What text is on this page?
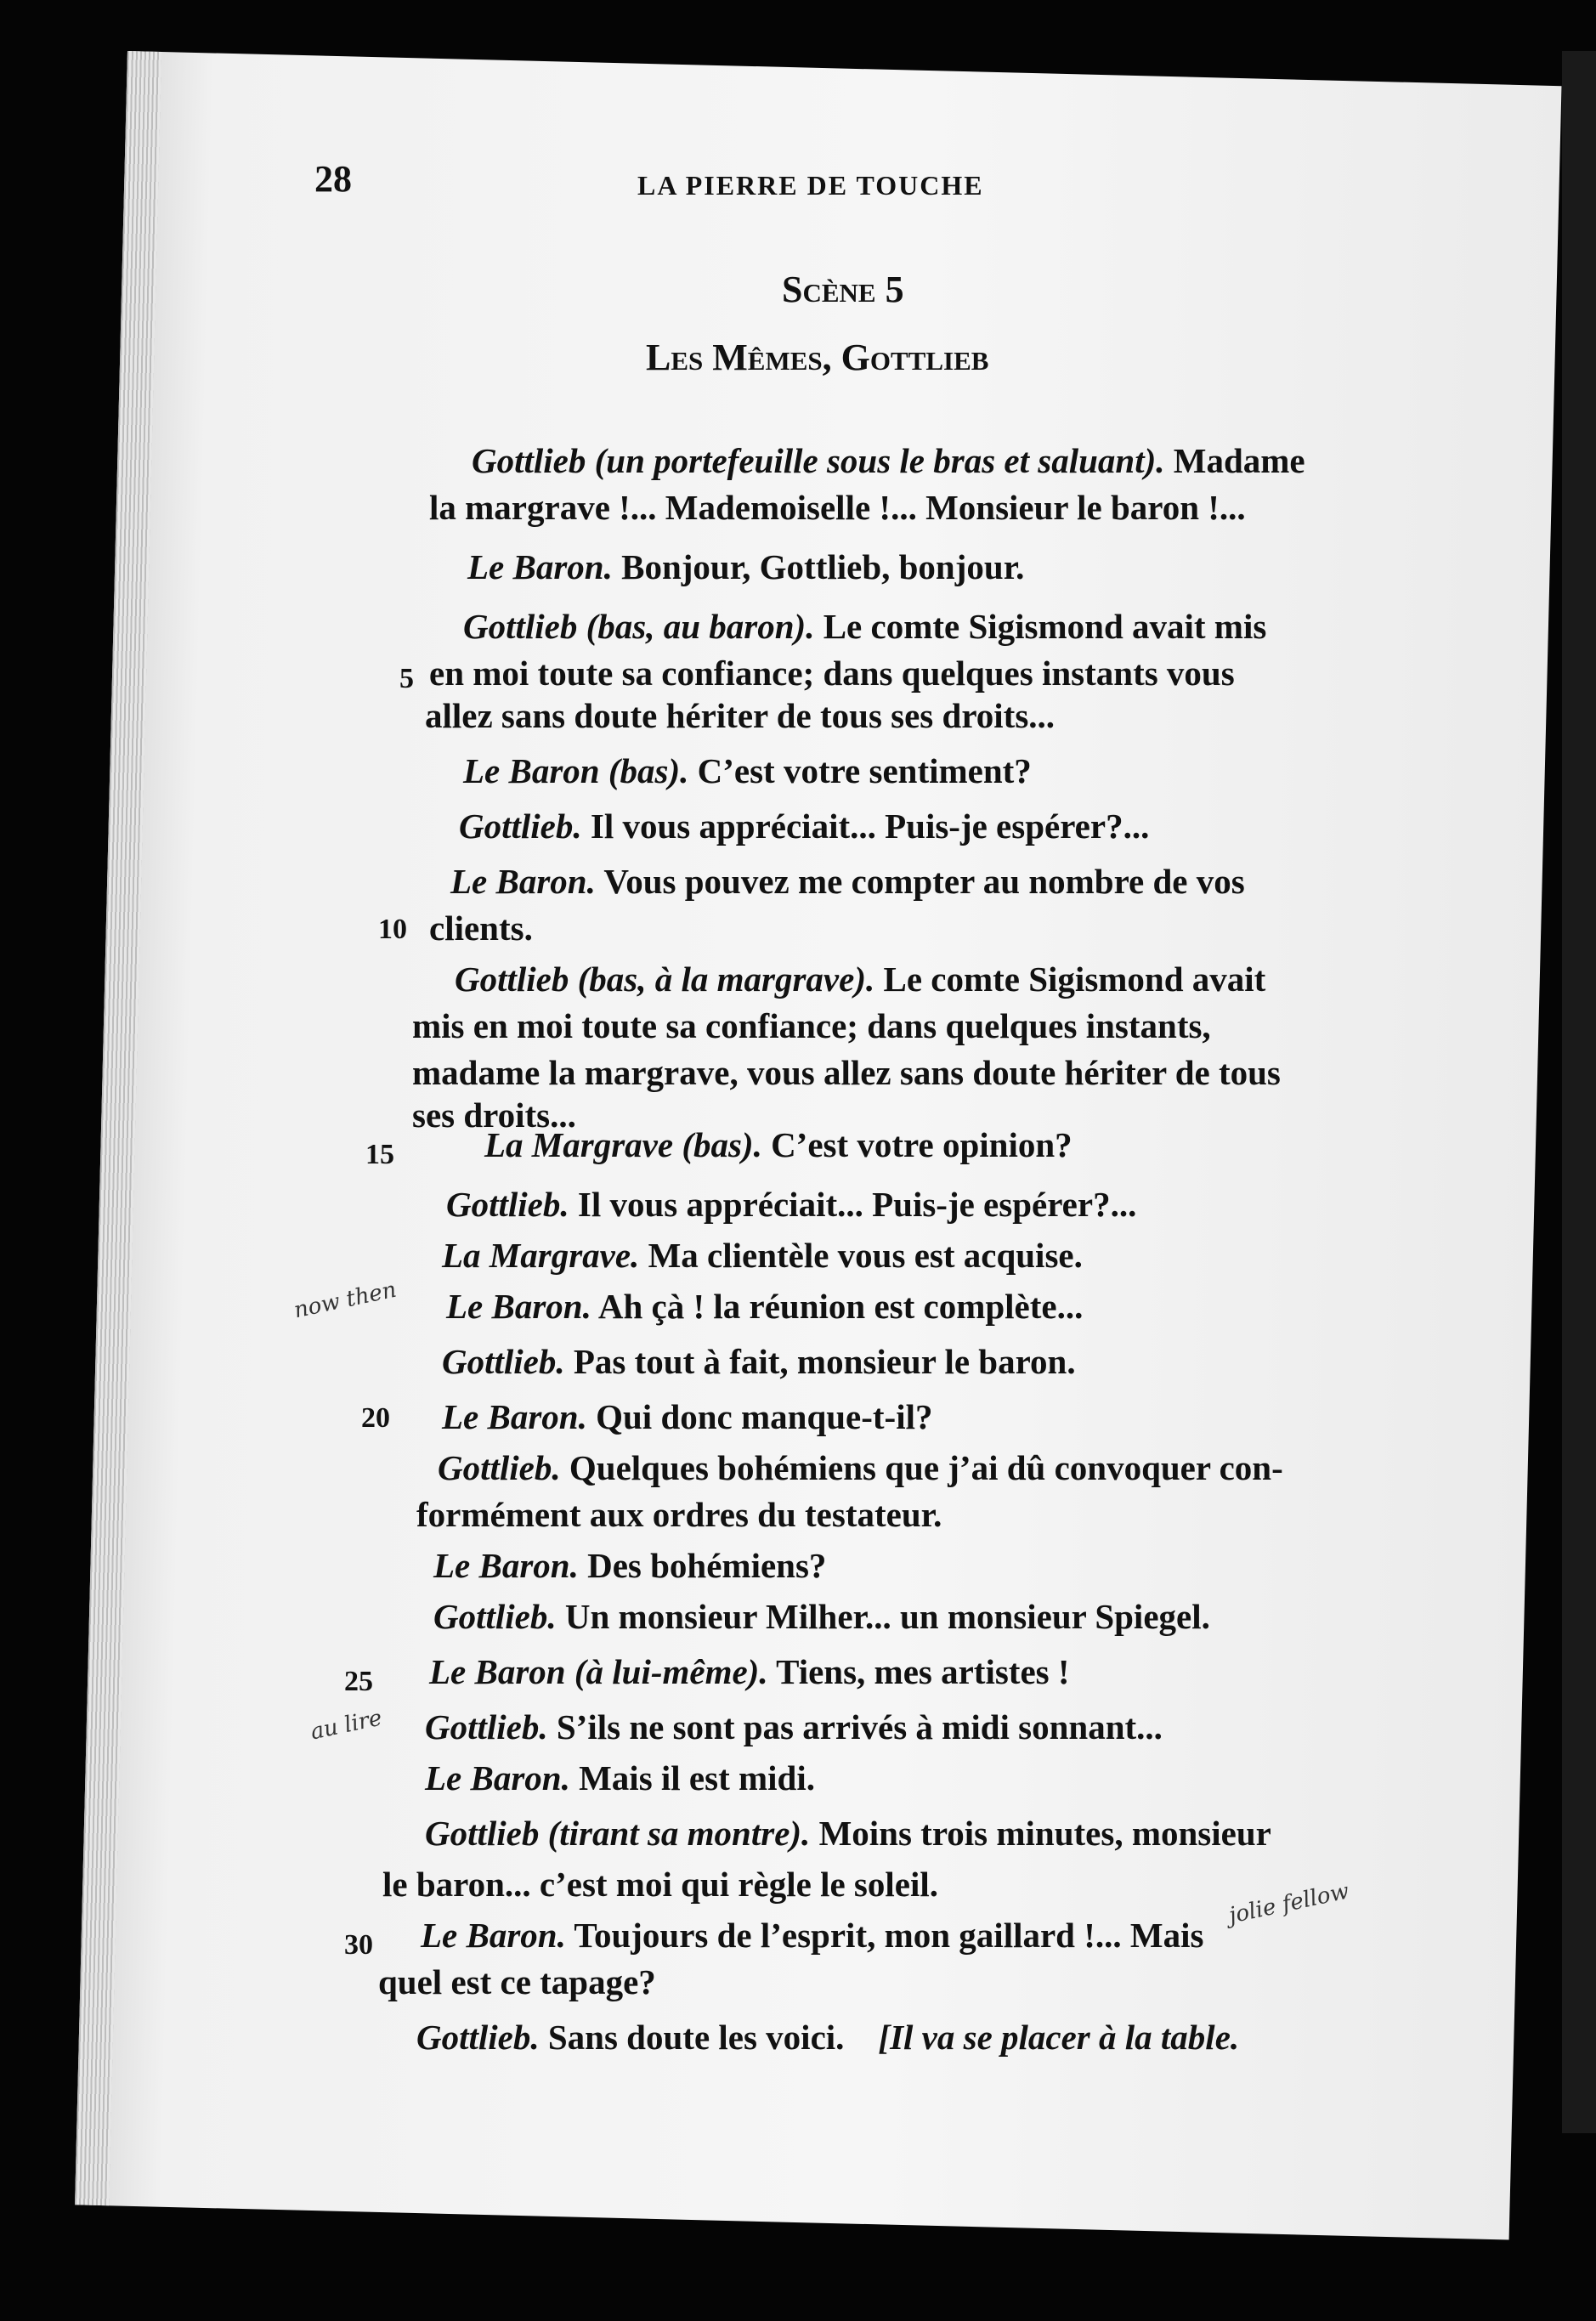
28	LA PIERRE DE TOUCHE
Scène 5
Les Mêmes, Gottlieb
Gottlieb (un portefeuille sous le bras et saluant). Madame
la margrave !... Mademoiselle !... Monsieur le baron !...
Le Baron. Bonjour, Gottlieb, bonjour.
Gottlieb (bas, au baron). Le comte Sigismond avait mis
en moi toute sa confiance; dans quelques instants vous
allez sans doute hériter de tous ses droits...
Le Baron (bas). C’est votre sentiment?
Gottlieb. Il vous appréciait... Puis-je espérer?...
Le Baron. Vous pouvez me compter au nombre de vos
clients.
Gottlieb (bas, à la margrave). Le comte Sigismond avait
mis en moi toute sa confiance; dans quelques instants,
madame la margrave, vous allez sans doute hériter de tous
ses droits...
La Margrave (bas). C’est votre opinion?
Gottlieb. Il vous appréciait... Puis-je espérer?...
La Margrave. Ma clientèle vous est acquise.
Le Baron. Ah çà ! la réunion est complète...
Gottlieb. Pas tout à fait, monsieur le baron.
Le Baron. Qui donc manque-t-il?
Gottlieb. Quelques bohémiens que j’ai dû convoquer con-
formément aux ordres du testateur.
Le Baron. Des bohémiens?
Gottlieb. Un monsieur Milher... un monsieur Spiegel.
Le Baron (à lui-même). Tiens, mes artistes !
Gottlieb. S’ils ne sont pas arrivés à midi sonnant...
Le Baron. Mais il est midi.
Gottlieb (tirant sa montre). Moins trois minutes, monsieur
le baron... c’est moi qui règle le soleil.
Le Baron. Toujours de l’esprit, mon gaillard !... Mais
quel est ce tapage?
Gottlieb. Sans doute les voici. [Il va se placer à la table.
5
10
15
20
25
30
now then
au lire
jolie fellow
